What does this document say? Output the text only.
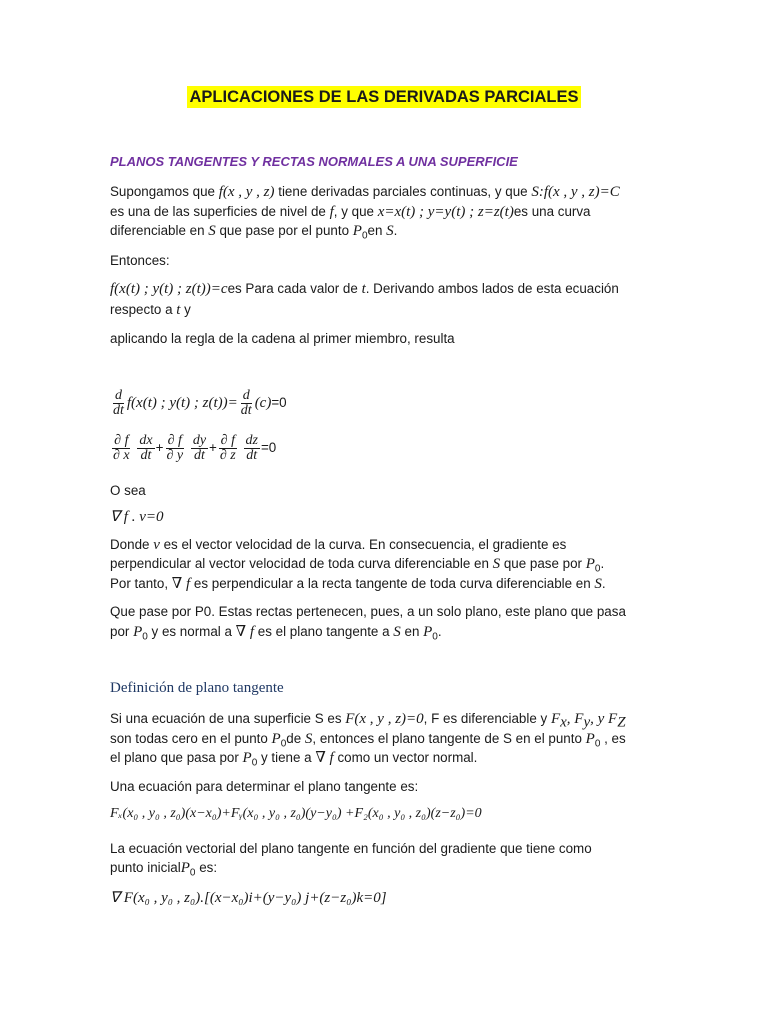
APLICACIONES DE LAS DERIVADAS PARCIALES
PLANOS TANGENTES Y RECTAS NORMALES A UNA SUPERFICIE
Supongamos que f(x , y , z) tiene derivadas parciales continuas, y que S:f(x , y , z)=C
es una de las superficies de nivel de f, y que x=x(t) ; y=y(t) ; z=z(t)es una curva
diferenciable en S que pase por el punto $P_0en$ S.
Entonces:
f(x(t) ; y(t) ; z(t))=ces Para cada valor de t. Derivando ambos lados de esta ecuación
respecto a t y
aplicando la regla de la cadena al primer miembro, resulta
$\frac{d}{dt} f(x(t)$ ; y(t) ; $z(t))= \frac{d}{dt} (c)=0$
$\frac{\partial f}{\partial x}$
$\frac{dx}{dt} + \frac{\partial f}{\partial y}$
$\frac{dy}{dt} + \frac{\partial f}{\partial z}$
$\frac{dz}{dt} =0$
O sea
∇ f . v=0
Donde v es el vector velocidad de la curva. En consecuencia, el gradiente es
perpendicular al vector velocidad de toda curva diferenciable en S que pase por $P_0$.
Por tanto, ∇ f es perpendicular a la recta tangente de toda curva diferenciable en S.
Que pase por P0. Estas rectas pertenecen, pues, a un solo plano, este plano que pasa
por $P_0$ y es normal a ∇ f es el plano tangente a S en $P_0$.
Definición de plano tangente
Si una ecuación de una superficie S es F(x , y , z)=0, F es diferenciable y $F_x$, $F_y$, y $F_Z$
son todas cero en el punto $P_0de$ S, entonces el plano tangente de S en el punto $P_0$ , es
el plano que pasa por $P_0$ y tiene a ∇ f como un vector normal.
Una ecuación para determinar el plano tangente es:
Fₓ(x₀ , y₀ , z₀)(x−x₀)+Fᵧ(x₀ , y₀ , z₀)(y−y₀) +F₂(x₀ , y₀ , z₀)(z−z₀)=0
La ecuación vectorial del plano tangente en función del gradiente que tiene como
punto inicialP$_0$ es:
∇ F(x₀ , y₀ , z₀).[(x−x₀)i+(y−y₀) j+(z−z₀)k=0]
